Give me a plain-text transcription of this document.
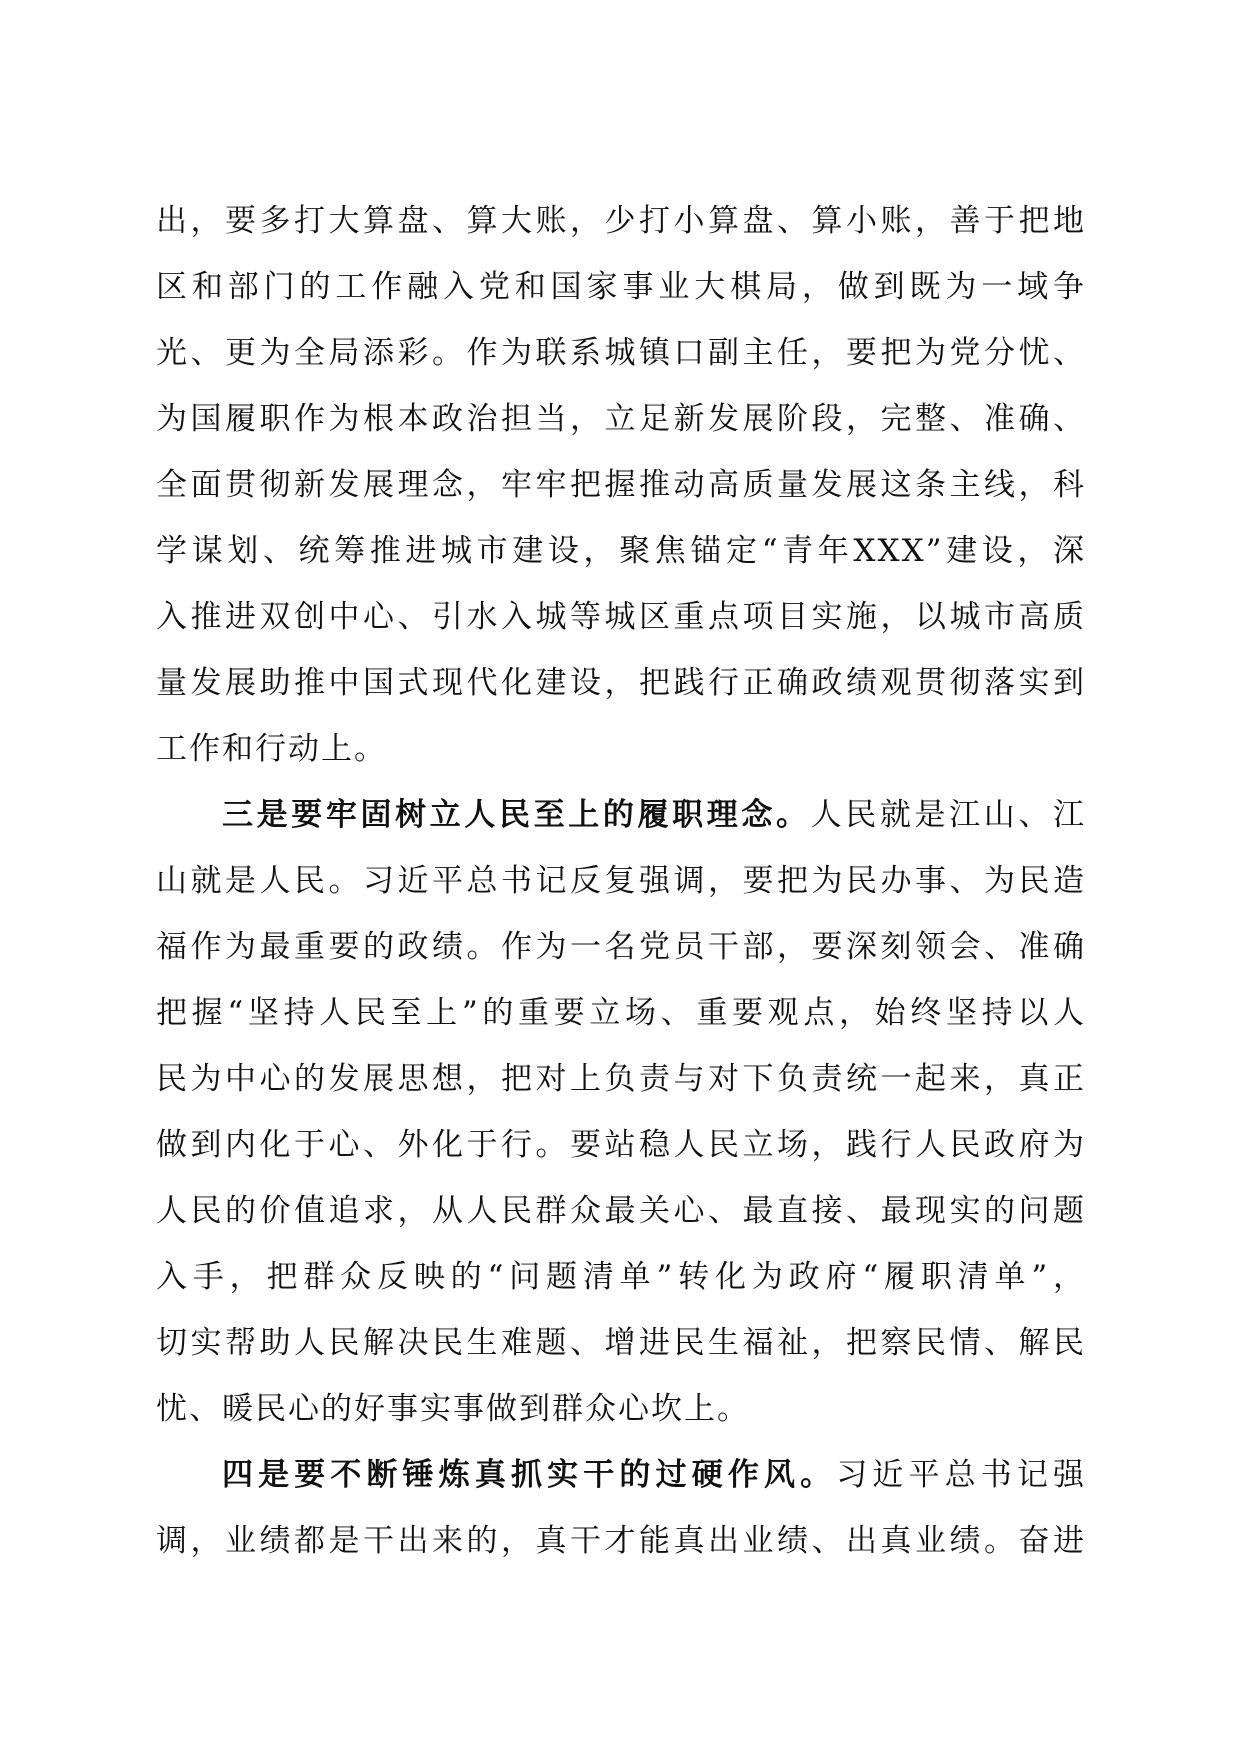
出，要多打大算盘、算大账，少打小算盘、算小账，善于把地
区和部门的工作融入党和国家事业大棋局，做到既为一域争
光、更为全局添彩。作为联系城镇口副主任，要把为党分忧、
为国履职作为根本政治担当，立足新发展阶段，完整、准确、
全面贯彻新发展理念，牢牢把握推动高质量发展这条主线，科
学谋划、统筹推进城市建设，聚焦锚定“青年XXX”建设，深
入推进双创中心、引水入城等城区重点项目实施，以城市高质
量发展助推中国式现代化建设，把践行正确政绩观贯彻落实到
工作和行动上。
三是要牢固树立人民至上的履职理念。人民就是江山、江
山就是人民。习近平总书记反复强调，要把为民办事、为民造
福作为最重要的政绩。作为一名党员干部，要深刻领会、准确
把握“坚持人民至上”的重要立场、重要观点，始终坚持以人
民为中心的发展思想，把对上负责与对下负责统一起来，真正
做到内化于心、外化于行。要站稳人民立场，践行人民政府为
人民的价值追求，从人民群众最关心、最直接、最现实的问题
入手，把群众反映的“问题清单”转化为政府“履职清单”，
切实帮助人民解决民生难题、增进民生福祉，把察民情、解民
忧、暖民心的好事实事做到群众心坎上。
四是要不断锤炼真抓实干的过硬作风。习近平总书记强
调，业绩都是干出来的，真干才能真出业绩、出真业绩。奋进
